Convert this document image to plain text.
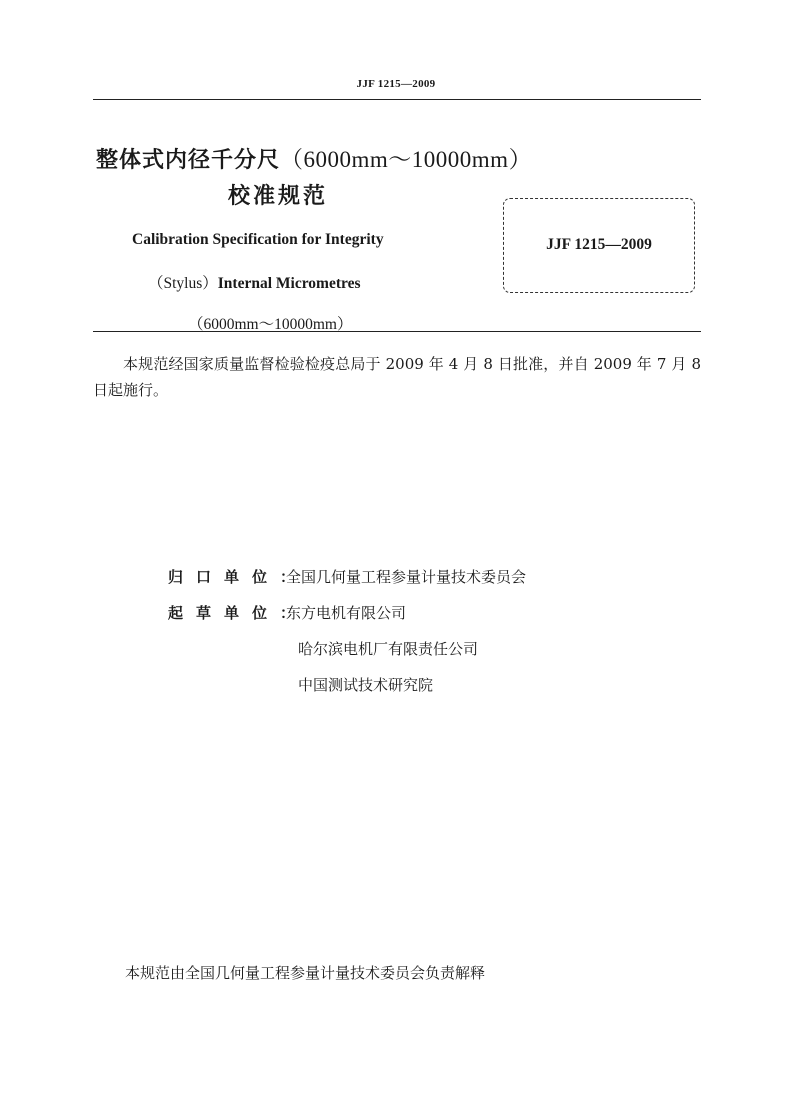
JJF 1215—2009
整体式内径千分尺（6000mm～10000mm）
校准规范
Calibration Specification for Integrity
（Stylus）Internal Micrometres
（6000mm～10000mm）
JJF 1215—2009
本规范经国家质量监督检验检疫总局于 2009 年 4 月 8 日批准，并自 2009 年 7 月 8 日起施行。
归口单位：全国几何量工程参量计量技术委员会
起草单位：东方电机有限公司
哈尔滨电机厂有限责任公司
中国测试技术研究院
本规范由全国几何量工程参量计量技术委员会负责解释
